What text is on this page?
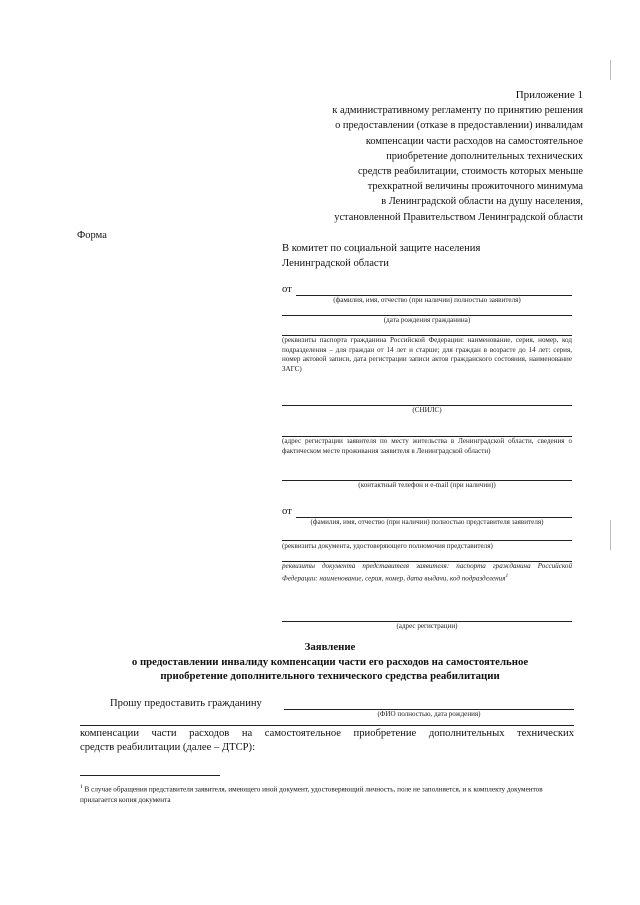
Приложение 1
к административному регламенту по принятию решения
о предоставлении (отказе в предоставлении) инвалидам
компенсации части расходов на самостоятельное
приобретение дополнительных технических
средств реабилитации, стоимость которых меньше
трехкратной величины прожиточного минимума
в Ленинградской области на душу населения,
установленной Правительством Ленинградской области
Форма
В комитет по социальной защите населения
Ленинградской области
от
(фамилия, имя, отчество (при наличии) полностью заявителя)
(дата рождения гражданина)
(реквизиты паспорта гражданина Российской Федерации: наименование, серия, номер, код подразделения – для граждан от 14 лет и старше; для граждан в возрасте до 14 лет: серия, номер актовой записи, дата регистрации записи актов гражданского состояния, наименование ЗАГС)
(СНИЛС)
(адрес регистрации заявителя по месту жительства в Ленинградской области, сведения о фактическом месте проживания заявителя в Ленинградской области)
(контактный телефон и e-mail (при наличии))
от
(фамилия, имя, отчество (при наличии) полностью представителя заявителя)
(реквизиты документа, удостоверяющего полномочия представителя)
реквизиты документа представителя заявителя: паспорта гражданина Российской Федерации: наименование, серия, номер, дата выдачи, код подразделения$^1$
(адрес регистрации)
Заявление
о предоставлении инвалиду компенсации части его расходов на самостоятельное
приобретение дополнительного технического средства реабилитации
Прошу предоставить гражданину
(ФИО полностью, дата рождения)
компенсации части расходов на самостоятельное приобретение дополнительных технических
средств реабилитации (далее – ДТСР):
$^1$ В случае обращения представителя заявителя, имеющего иной документ, удостоверяющий личность, поле не заполняется, и к комплекту документов прилагается копия документа
